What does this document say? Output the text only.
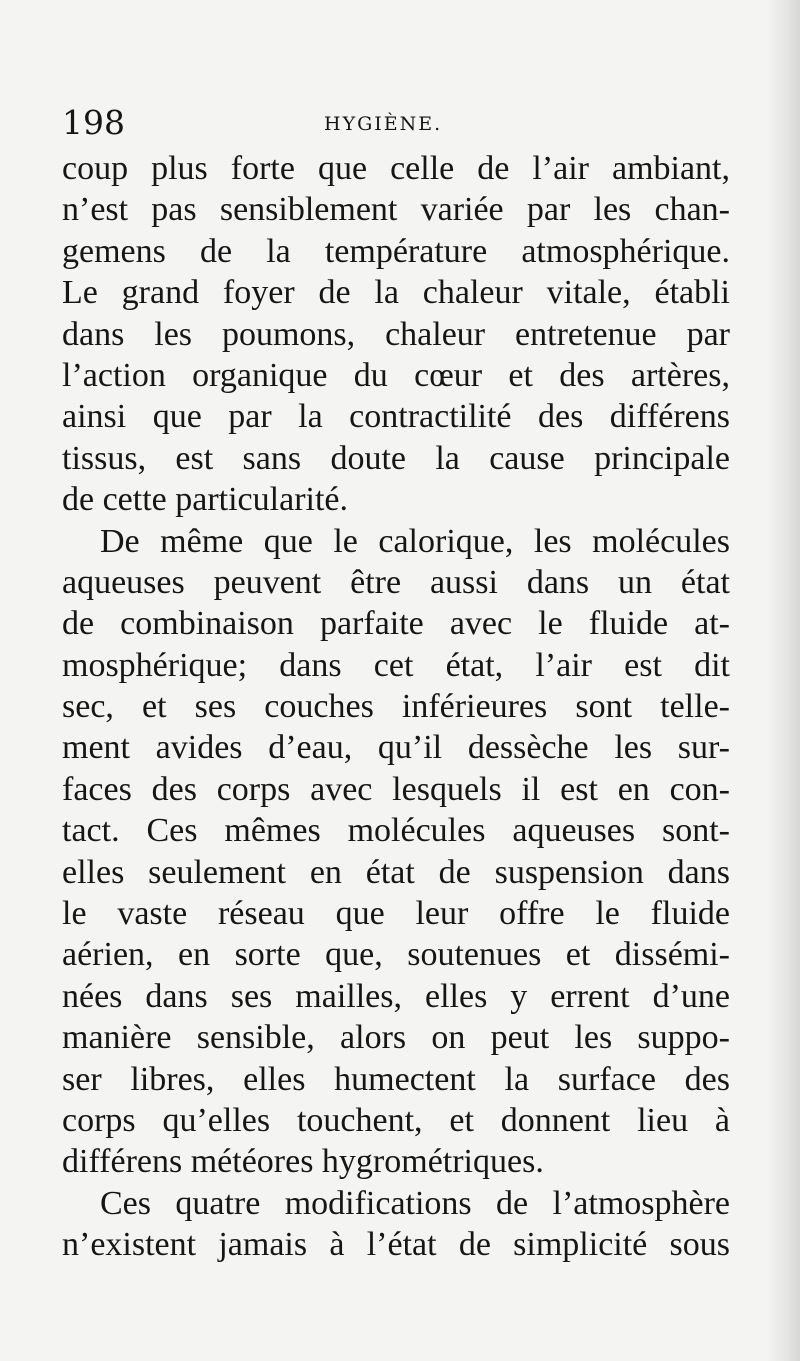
198	HYGIÈNE.
coup plus forte que celle de l’air ambiant,
n’est pas sensiblement variée par les chan-
gemens de la température atmosphérique.
Le grand foyer de la chaleur vitale, établi
dans les poumons, chaleur entretenue par
l’action organique du cœur et des artères,
ainsi que par la contractilité des différens
tissus, est sans doute la cause principale
de cette particularité.
De même que le calorique, les molécules
aqueuses peuvent être aussi dans un état
de combinaison parfaite avec le fluide at-
mosphérique; dans cet état, l’air est dit
sec, et ses couches inférieures sont telle-
ment avides d’eau, qu’il dessèche les sur-
faces des corps avec lesquels il est en con-
tact. Ces mêmes molécules aqueuses sont-
elles seulement en état de suspension dans
le vaste réseau que leur offre le fluide
aérien, en sorte que, soutenues et dissémi-
nées dans ses mailles, elles y errent d’une
manière sensible, alors on peut les suppo-
ser libres, elles humectent la surface des
corps qu’elles touchent, et donnent lieu à
différens météores hygrométriques.
Ces quatre modifications de l’atmosphère
n’existent jamais à l’état de simplicité sous
